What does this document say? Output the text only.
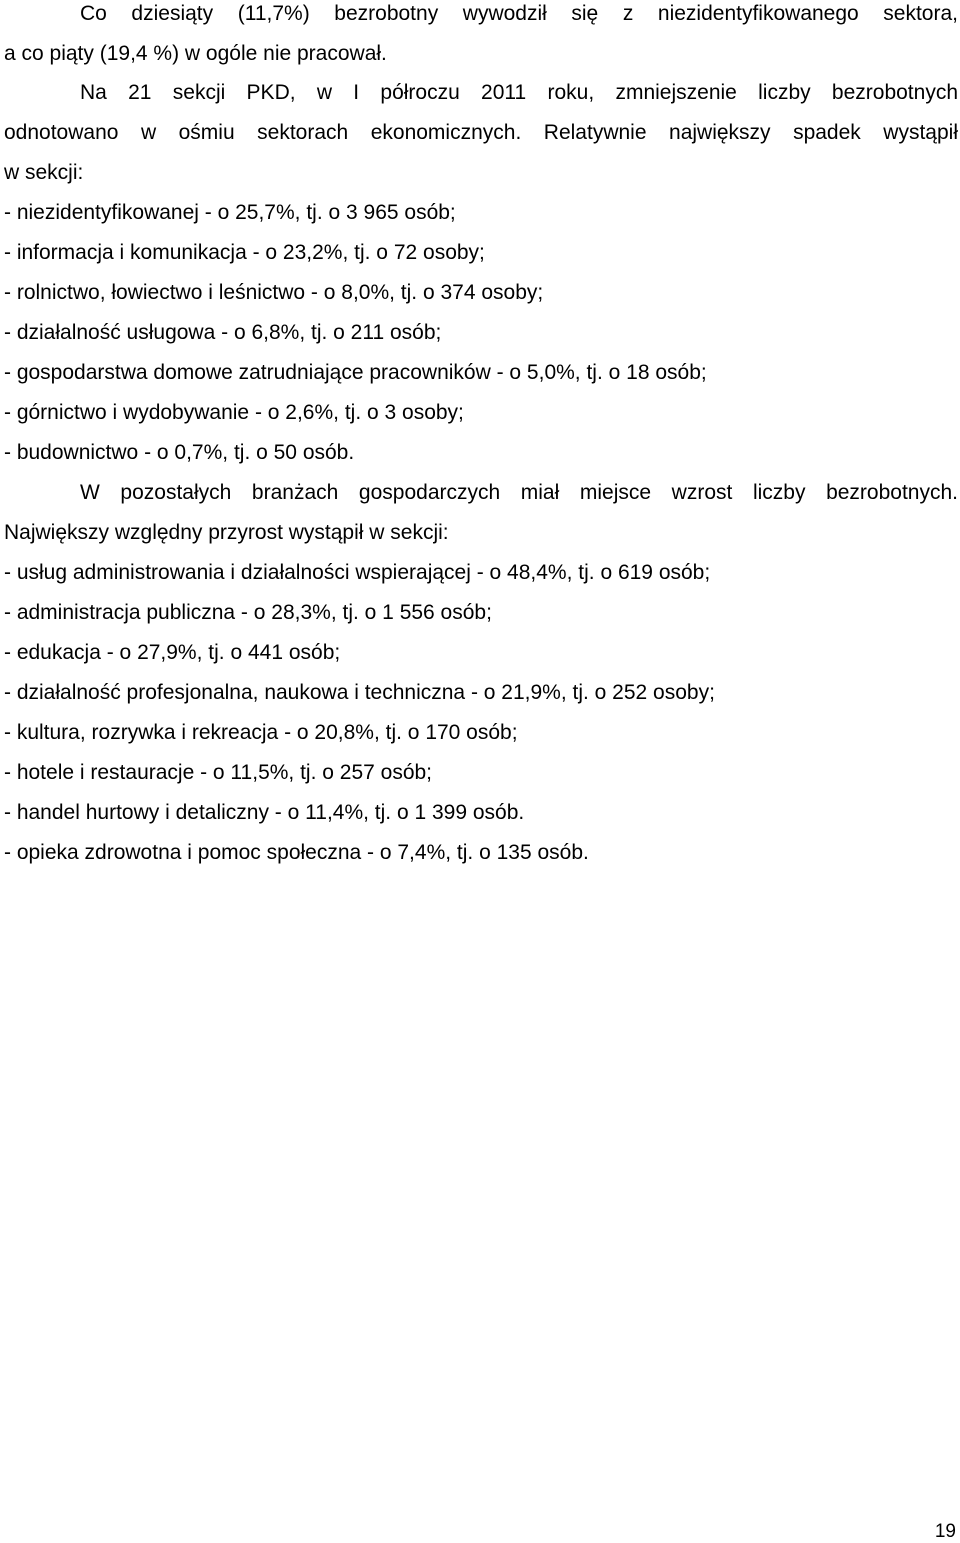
Co dziesiąty (11,7%) bezrobotny wywodził się z niezidentyfikowanego sektora,
a co piąty (19,4 %) w ogóle nie pracował.
Na 21 sekcji PKD, w I półroczu 2011 roku, zmniejszenie liczby bezrobotnych
odnotowano w ośmiu sektorach ekonomicznych. Relatywnie największy spadek wystąpił
w sekcji:
- niezidentyfikowanej - o 25,7%, tj. o 3 965 osób;
- informacja i komunikacja - o 23,2%, tj. o 72 osoby;
- rolnictwo, łowiectwo i leśnictwo - o 8,0%, tj. o 374 osoby;
- działalność usługowa - o 6,8%, tj. o 211 osób;
- gospodarstwa domowe zatrudniające pracowników - o 5,0%, tj. o 18 osób;
- górnictwo i wydobywanie - o 2,6%, tj. o 3 osoby;
- budownictwo - o 0,7%, tj. o 50 osób.
W pozostałych branżach gospodarczych miał miejsce wzrost liczby bezrobotnych.
Największy względny przyrost wystąpił w sekcji:
- usług administrowania i działalności wspierającej - o 48,4%, tj. o 619 osób;
- administracja publiczna - o 28,3%, tj. o 1 556 osób;
- edukacja - o 27,9%, tj. o 441 osób;
- działalność profesjonalna, naukowa i techniczna - o 21,9%, tj. o 252 osoby;
- kultura, rozrywka i rekreacja - o 20,8%, tj. o 170 osób;
- hotele i restauracje - o 11,5%, tj. o 257 osób;
- handel hurtowy i detaliczny - o 11,4%, tj. o 1 399 osób.
- opieka zdrowotna i pomoc społeczna - o 7,4%, tj. o 135 osób.
19
